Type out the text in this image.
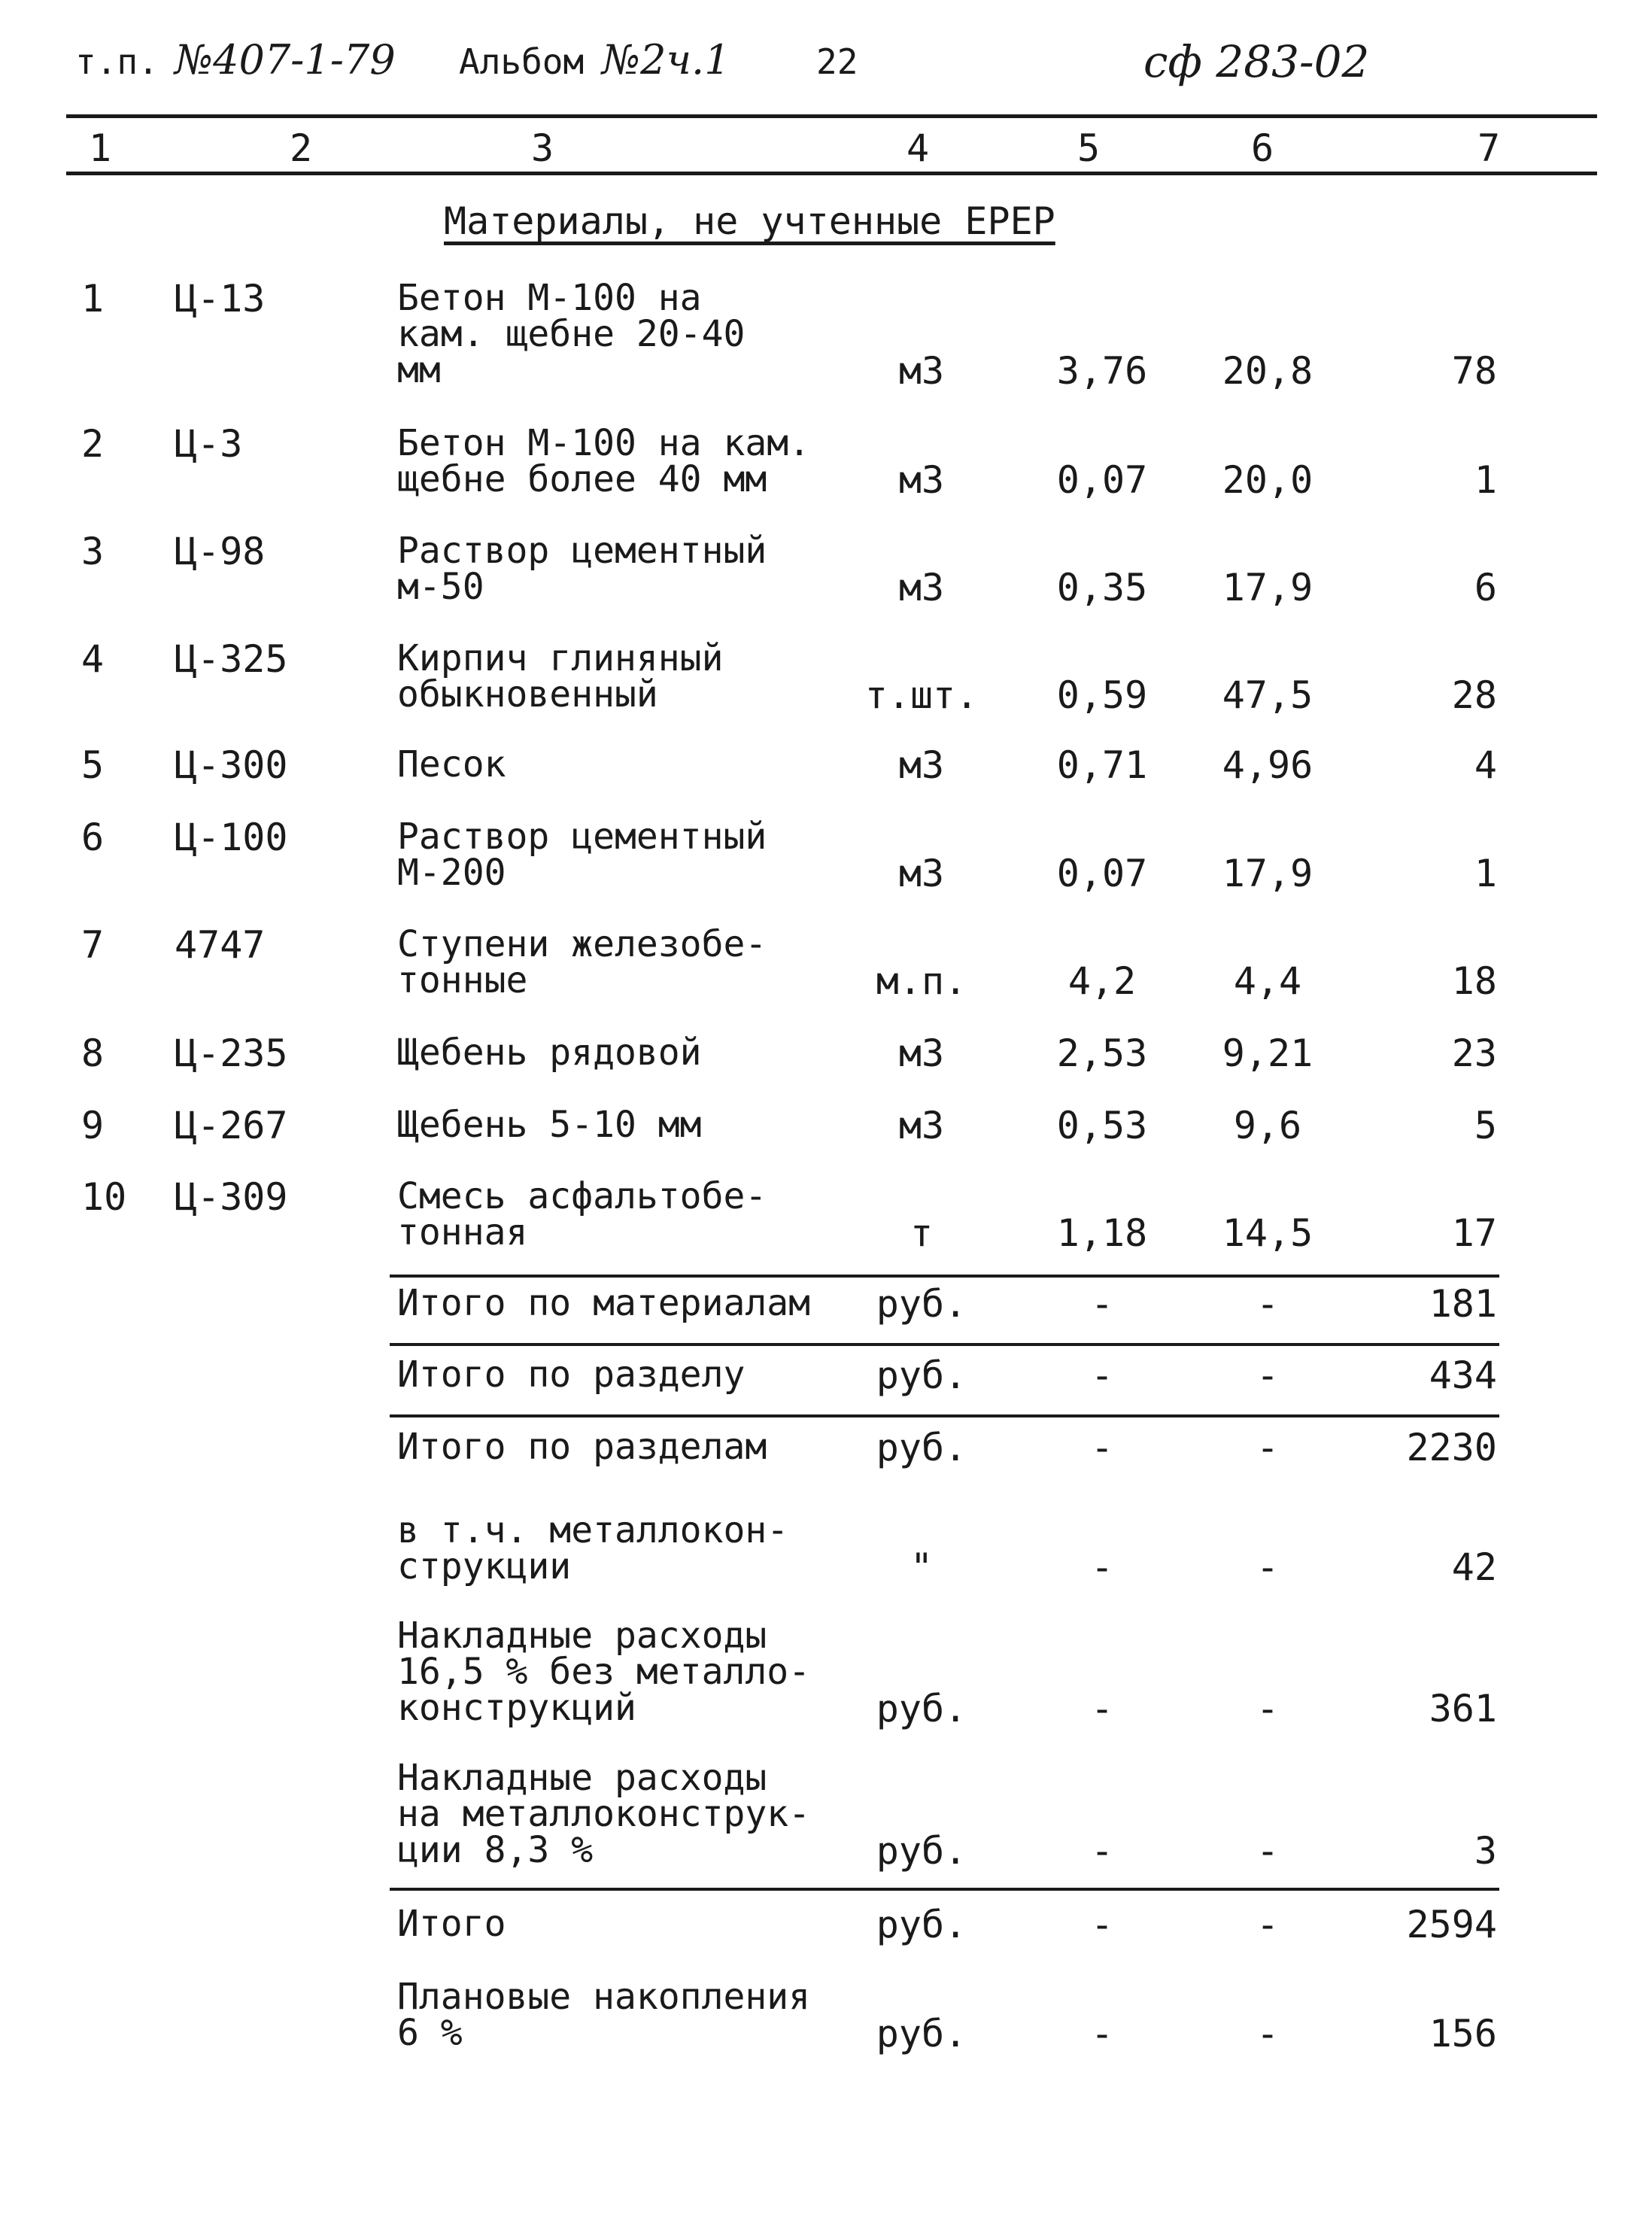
т.п. №407-1-79 Альбом №2ч.1 22	сф 283-02
1	2	3	4	5	6	7
Материалы, не учтенные ЕРЕР
1 Ц-13	Бетон М-100 на
кам. щебне 20-40
мм	м3	3,76	20,8	78
2 Ц-3	Бетон М-100 на кам.
щебне более 40 мм	м3	0,07	20,0	1
3 Ц-98	Раствор цементный
м-50	м3	0,35	17,9	6
4 Ц-325	Кирпич глиняный
обыкновенный	т.шт.	0,59	47,5	28
5 Ц-300	Песок	м3	0,71	4,96	4
6 Ц-100	Раствор цементный
М-200	м3	0,07	17,9	1
7 4747	Ступени железобе-
тонные	м.п.	4,2	4,4	18
8 Ц-235	Щебень рядовой	м3	2,53	9,21	23
9 Ц-267	Щебень 5-10 мм	м3	0,53	9,6	5
10 Ц-309	Смесь асфальтобе-
тонная	т	1,18	14,5	17
Итого по материалам	руб.	-	-	181
Итого по разделу	руб.	-	-	434
Итого по разделам	руб.	-	-	2230
в т.ч. металлокон-
струкции	"	-	-	42
Накладные расходы
16,5 % без металло-
конструкций	руб.	-	-	361
Накладные расходы
на металлоконструк-
ции 8,3 %	руб.	-	-	3
Итого	руб.	-	-	2594
Плановые накопления
6 %	руб.	-	-	156
